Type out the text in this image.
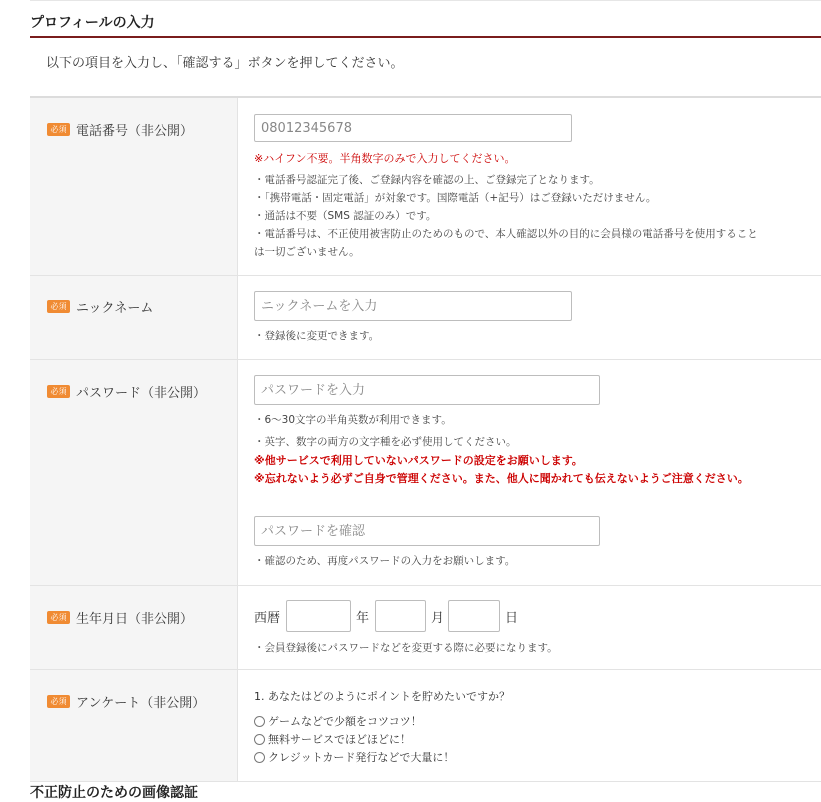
プロフィールの入力
以下の項目を入力し、「確認する」ボタンを押してください。
必須 電話番号（非公開）
08012345678
※ハイフン不要。半角数字のみで入力してください。
・電話番号認証完了後、ご登録内容を確認の上、ご登録完了となります。
・「携帯電話・固定電話」が対象です。国際電話（+記号）はご登録いただけません。
・通話は不要（SMS 認証のみ）です。
・電話番号は、不正使用被害防止のためのもので、本人確認以外の目的に会員様の電話番号を使用すること
は一切ございません。
必須 ニックネーム
ニックネームを入力
・登録後に変更できます。
必須 パスワード（非公開）
・6～30文字の半角英数が利用できます。
・英字、数字の両方の文字種を必ず使用してください。
※他サービスで利用していないパスワードの設定をお願いします。
※忘れないよう必ずご自身で管理ください。また、他人に聞かれても伝えないようご注意ください。
・確認のため、再度パスワードの入力をお願いします。
必須 生年月日（非公開）	西暦	年	月	日
・会員登録後にパスワードなどを変更する際に必要になります。
必須 アンケート（非公開）	1. あなたはどのようにポイントを貯めたいですか？
ゲームなどで少額をコツコツ！
無料サービスでほどほどに！
クレジットカード発行などで大量に！
不正防止のための画像認証
